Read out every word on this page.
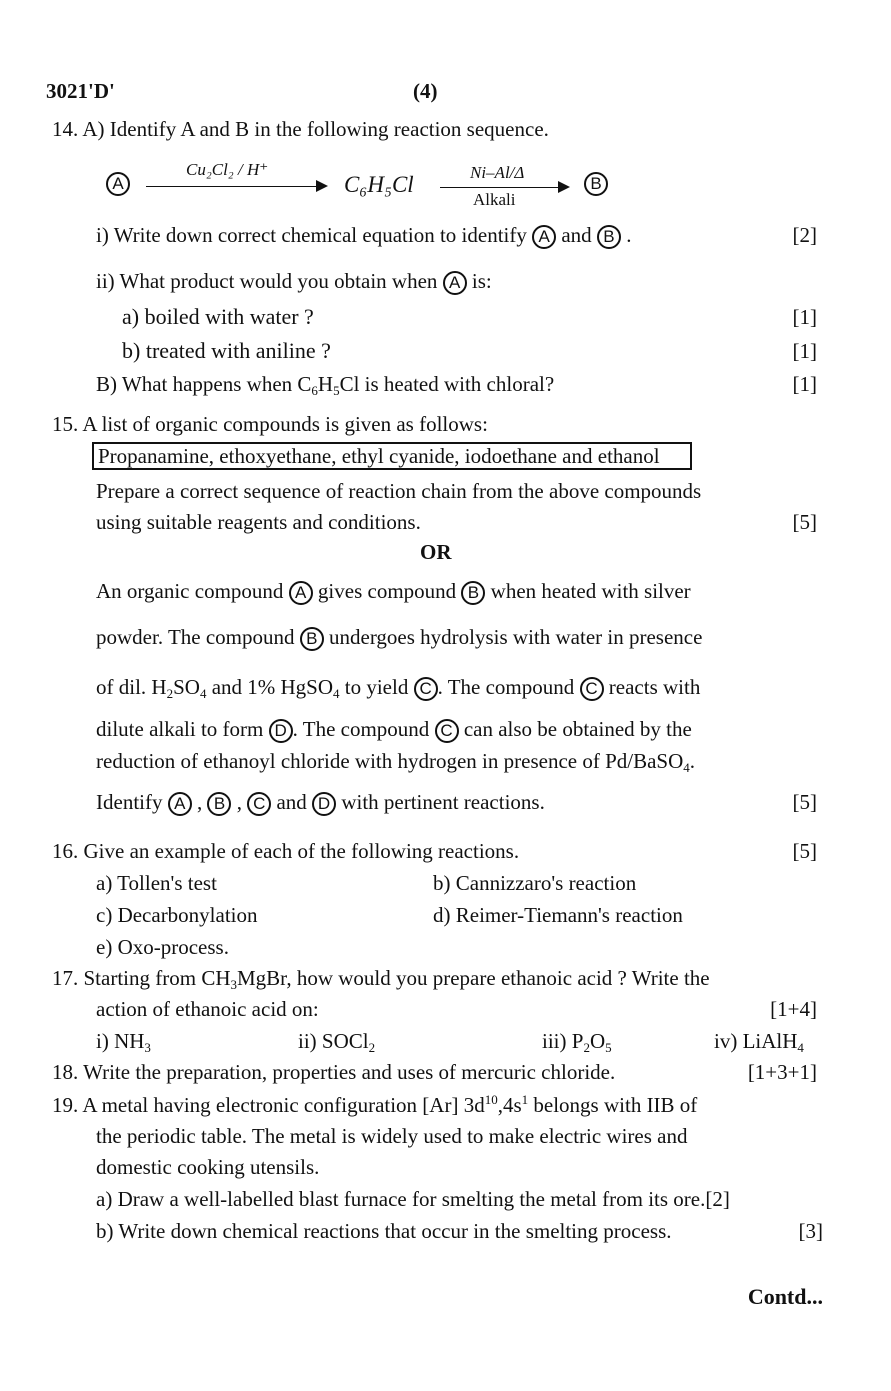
3021'D'	(4)
14. A) Identify A and B in the following reaction sequence.
A
Cu₂Cl₂ / H⁺
C₆H₅Cl	Ni–Al/Δ
Alkali
B
i) Write down correct chemical equation to identify A and B .	[2]
ii) What product would you obtain when A is:
a) boiled with water ?	[1]
b) treated with aniline ?	[1]
B) What happens when $C_6H_5Cl$ is heated with chloral?	[1]
15. A list of organic compounds is given as follows:
Propanamine, ethoxyethane, ethyl cyanide, iodoethane and ethanol
Prepare a correct sequence of reaction chain from the above compounds
using suitable reagents and conditions.	[5]
OR
An organic compound A gives compound B when heated with silver
powder. The compound B undergoes hydrolysis with water in presence
of dil. $H_2SO_4$ and 1% HgSO$_4$ to yield C . The compound C reacts with
dilute alkali to form D . The compound C can also be obtained by the
reduction of ethanoyl chloride with hydrogen in presence of Pd/BaSO$_4$.
Identify A , B , C and D with pertinent reactions.	[5]
16. Give an example of each of the following reactions.	[5]
a) Tollen's test	b) Cannizzaro's reaction
c) Decarbonylation	d) Reimer-Tiemann's reaction
e) Oxo-process.
17. Starting from $CH_3MgBr$, how would you prepare ethanoic acid ? Write the
action of ethanoic acid on:	[1+4]
i) $NH_3$	ii) SOCl$_2$	iii) $P_2O_5$	iv) LiAlH$_4$
18. Write the preparation, properties and uses of mercuric chloride.	[1+3+1]
19. A metal having electronic configuration [Ar] $3d^{10},4s^1$ belongs with IIB of
the periodic table. The metal is widely used to make electric wires and
domestic cooking utensils.
a) Draw a well-labelled blast furnace for smelting the metal from its ore.[2]
b) Write down chemical reactions that occur in the smelting process.	[3]
Contd...
